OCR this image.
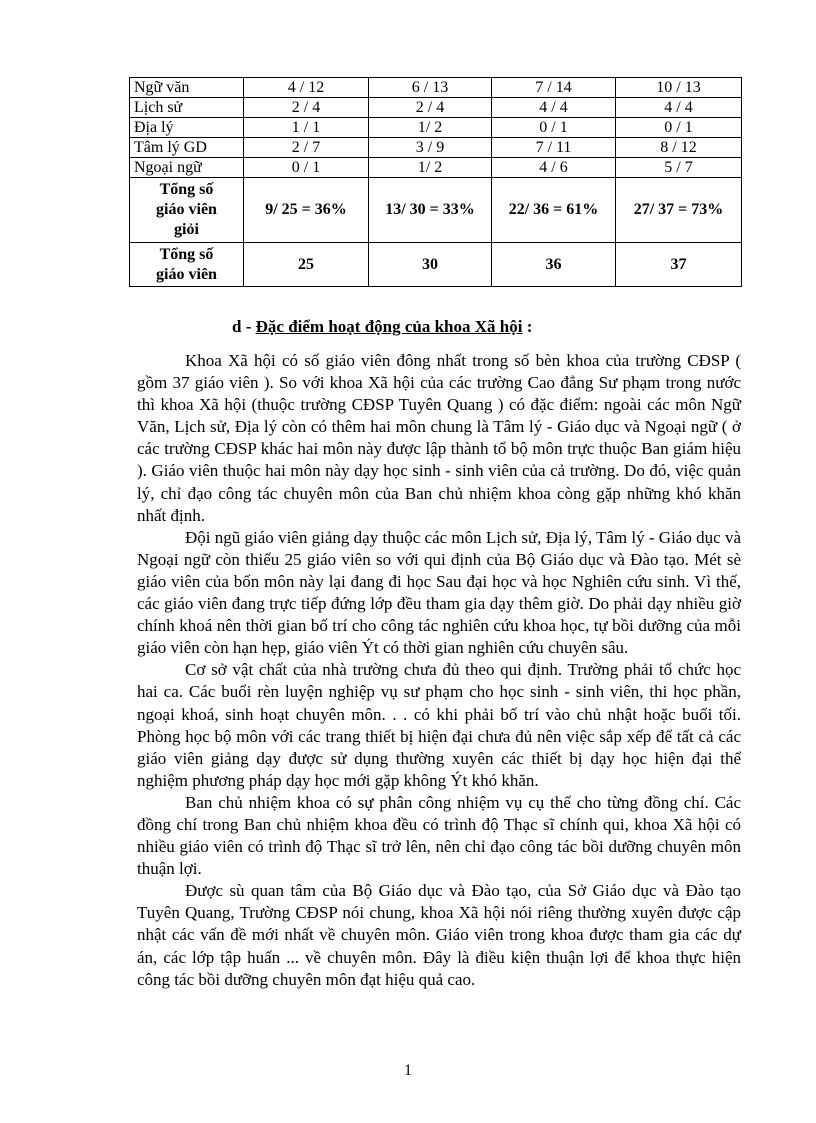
Ngữ văn	4 / 12	6 / 13	7 / 14	10 / 13
Lịch sử	2 / 4	2 / 4	4 / 4	4 / 4
Địa lý	1 / 1	1/ 2	0 / 1	0 / 1
Tâm lý GD	2 / 7	3 / 9	7 / 11	8 / 12
Ngoại ngữ	0 / 1	1/ 2	4 / 6	5 / 7

Tổng số
giáo viên
giỏi	9/ 25 = 36%	13/ 30 = 33%	22/ 36 = 61%	27/ 37 = 73%

Tổng số
giáo viên	25	30	36	37
d - Đặc điểm hoạt động của khoa Xã hội :

Khoa Xã hội có số giáo viên đông nhất trong số bèn khoa của trường CĐSP ( gồm 37 giáo viên ). So với khoa Xã hội của các trường Cao đẳng Sư phạm trong nước thì khoa Xã hội (thuộc trường CĐSP Tuyên Quang ) có đặc điểm: ngoài các môn Ngữ Văn, Lịch sử, Địa lý còn có thêm hai môn chung là Tâm lý - Giáo dục và Ngoại ngữ ( ở các trường CĐSP khác hai môn này được lập thành tổ bộ môn trực thuộc Ban giám hiệu ). Giáo viên thuộc hai môn này dạy học sinh - sinh viên của cả trường. Do đó, việc quản lý, chỉ đạo công tác chuyên môn của Ban chủ nhiệm khoa còng gặp những khó khăn nhất định.

Đội ngũ giáo viên giảng dạy thuộc các môn Lịch sử, Địa lý, Tâm lý - Giáo dục và Ngoại ngữ còn thiếu 25 giáo viên so với qui định của Bộ Giáo dục và Đào tạo. Mét sè giáo viên của bốn môn này lại đang đi học Sau đại học và học Nghiên cứu sinh. Vì thế, các giáo viên đang trực tiếp đứng lớp đều tham gia dạy thêm giờ. Do phải dạy nhiều giờ chính khoá nên thời gian bố trí cho công tác nghiên cứu khoa học, tự bồi dưỡng của mỗi giáo viên còn hạn hẹp, giáo viên Ýt có thời gian nghiên cứu chuyên sâu.

Cơ sở vật chất của nhà trường chưa đủ theo qui định. Trường phải tổ chức học hai ca. Các buổi rèn luyện nghiệp vụ sư phạm cho học sinh - sinh viên, thi học phần, ngoại khoá, sinh hoạt chuyên môn. . . có khi phải bố trí vào chủ nhật hoặc buổi tối. Phòng học bộ môn với các trang thiết bị hiện đại chưa đủ nên việc sắp xếp để tất cả các giáo viên giảng dạy được sử dụng thường xuyên các thiết bị dạy học hiện đại thể nghiệm phương pháp dạy học mới gặp không Ýt khó khăn.

Ban chủ nhiệm khoa có sự phân công nhiệm vụ cụ thể cho từng đồng chí. Các đồng chí trong Ban chủ nhiệm khoa đều có trình độ Thạc sĩ chính qui, khoa Xã hội có nhiều giáo viên có trình độ Thạc sĩ trở lên, nên chỉ đạo công tác bồi dưỡng chuyên môn thuận lợi.

Được sù quan tâm của Bộ Giáo dục và Đào tạo, của Sở Giáo dục và Đào tạo Tuyên Quang, Trường CĐSP nói chung, khoa Xã hội nói riêng thường xuyên được cập nhật các vấn đề mới nhất về chuyên môn. Giáo viên trong khoa được tham gia các dự án, các lớp tập huấn ... về chuyên môn. Đây là điều kiện thuận lợi để khoa thực hiện công tác bồi dưỡng chuyên môn đạt hiệu quả cao.

1
